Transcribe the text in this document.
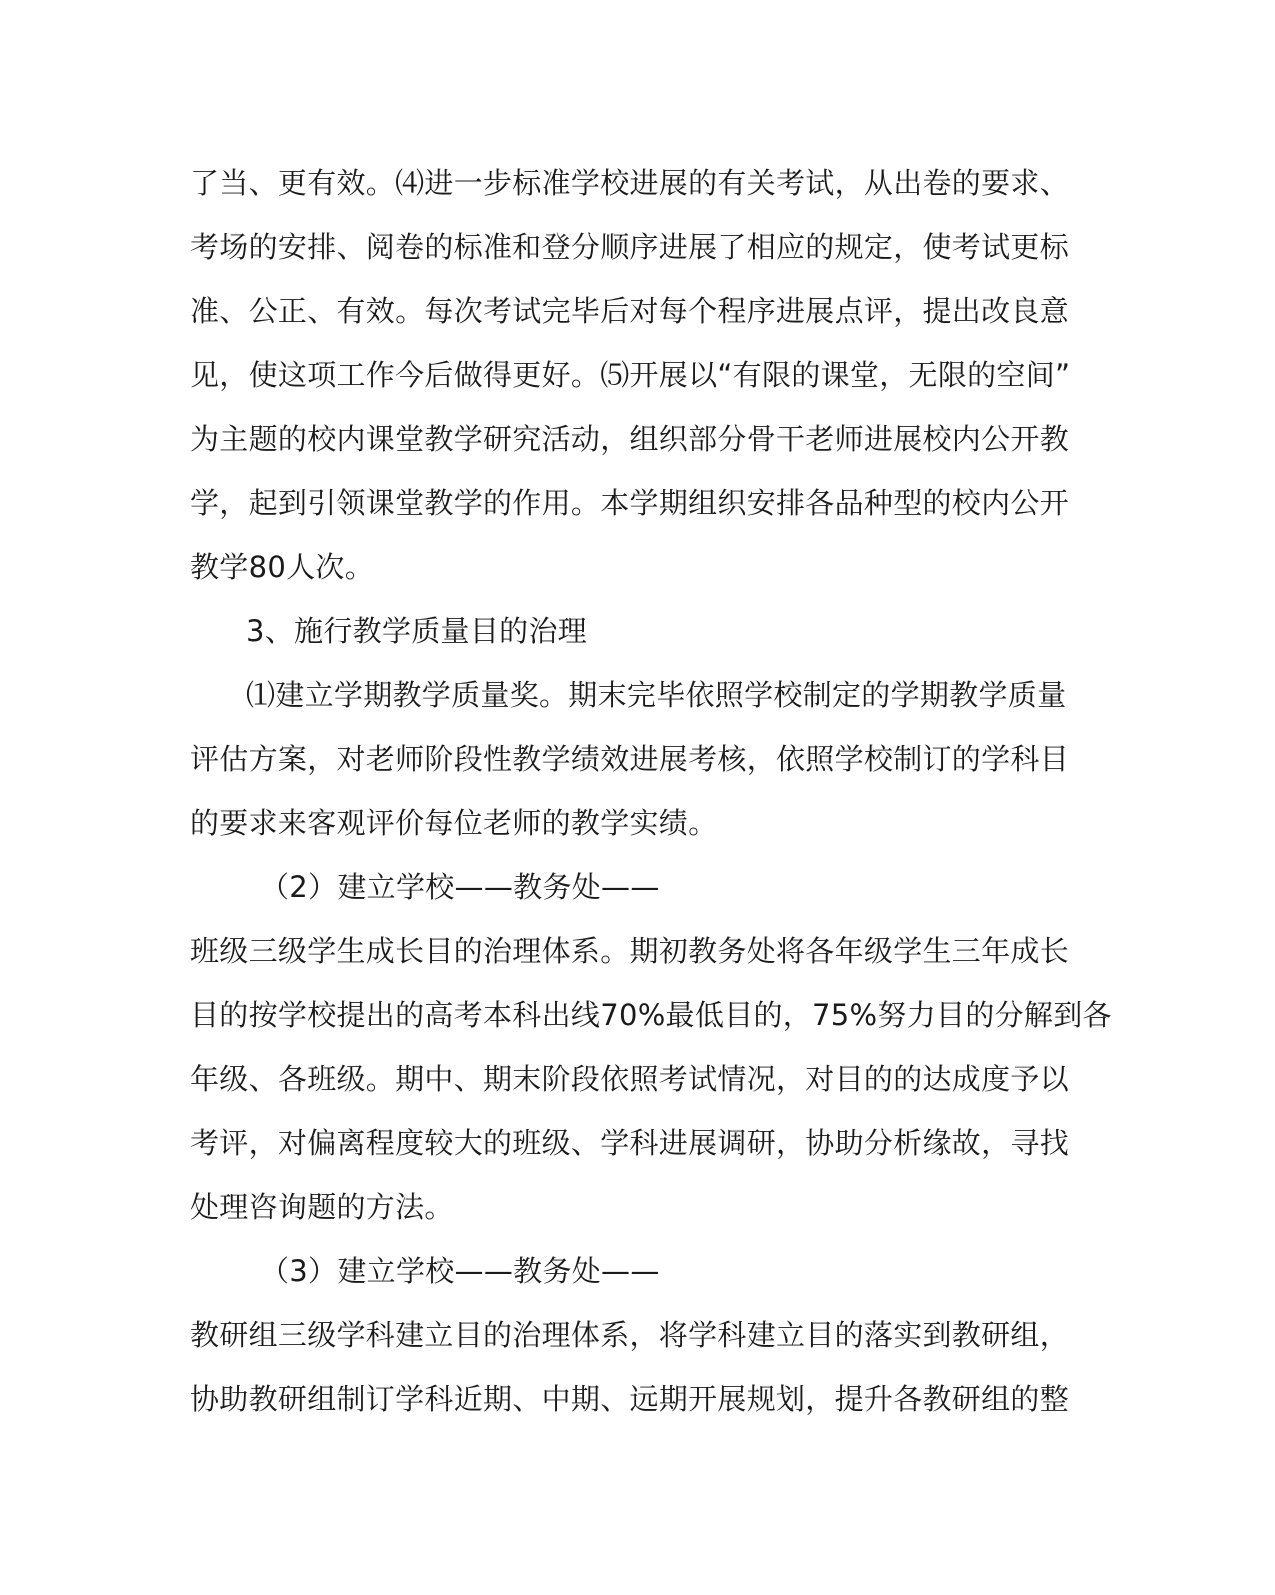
了当、更有效。⑷进一步标准学校进展的有关考试，从出卷的要求、
考场的安排、阅卷的标准和登分顺序进展了相应的规定，使考试更标
准、公正、有效。每次考试完毕后对每个程序进展点评，提出改良意
见，使这项工作今后做得更好。⑸开展以“有限的课堂，无限的空间”
为主题的校内课堂教学研究活动，组织部分骨干老师进展校内公开教
学，起到引领课堂教学的作用。本学期组织安排各品种型的校内公开
教学80人次。
3、施行教学质量目的治理
⑴建立学期教学质量奖。期末完毕依照学校制定的学期教学质量
评估方案，对老师阶段性教学绩效进展考核，依照学校制订的学科目
的要求来客观评价每位老师的教学实绩。
（2）建立学校——教务处——
班级三级学生成长目的治理体系。期初教务处将各年级学生三年成长
目的按学校提出的高考本科出线70%最低目的，75%努力目的分解到各
年级、各班级。期中、期末阶段依照考试情况，对目的的达成度予以
考评，对偏离程度较大的班级、学科进展调研，协助分析缘故，寻找
处理咨询题的方法。
（3）建立学校——教务处——
教研组三级学科建立目的治理体系，将学科建立目的落实到教研组，
协助教研组制订学科近期、中期、远期开展规划，提升各教研组的整
